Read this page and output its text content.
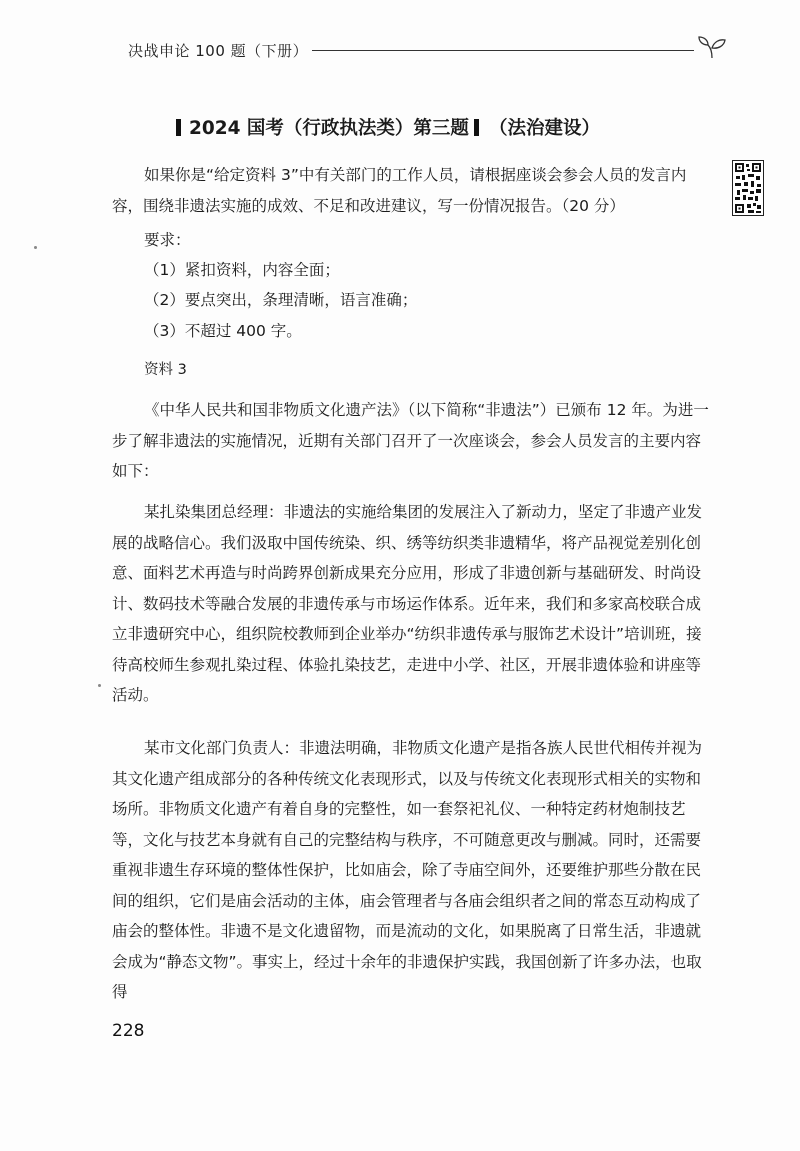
决战申论 100 题（下册）
2024 国考（行政执法类）第三题 （法治建设）
如果你是“给定资料 3”中有关部门的工作人员，请根据座谈会参会人员的发言内容，围绕非遗法实施的成效、不足和改进建议，写一份情况报告。（20 分）
要求：
（1）紧扣资料，内容全面；
（2）要点突出，条理清晰，语言准确；
（3）不超过 400 字。
资料 3
《中华人民共和国非物质文化遗产法》（以下简称“非遗法”）已颁布 12 年。为进一步了解非遗法的实施情况，近期有关部门召开了一次座谈会，参会人员发言的主要内容如下：
某扎染集团总经理：非遗法的实施给集团的发展注入了新动力，坚定了非遗产业发展的战略信心。我们汲取中国传统染、织、绣等纺织类非遗精华，将产品视觉差别化创意、面料艺术再造与时尚跨界创新成果充分应用，形成了非遗创新与基础研发、时尚设计、数码技术等融合发展的非遗传承与市场运作体系。近年来，我们和多家高校联合成立非遗研究中心，组织院校教师到企业举办“纺织非遗传承与服饰艺术设计”培训班，接待高校师生参观扎染过程、体验扎染技艺，走进中小学、社区，开展非遗体验和讲座等活动。
某市文化部门负责人：非遗法明确，非物质文化遗产是指各族人民世代相传并视为其文化遗产组成部分的各种传统文化表现形式，以及与传统文化表现形式相关的实物和场所。非物质文化遗产有着自身的完整性，如一套祭祀礼仪、一种特定药材炮制技艺等，文化与技艺本身就有自己的完整结构与秩序，不可随意更改与删减。同时，还需要重视非遗生存环境的整体性保护，比如庙会，除了寺庙空间外，还要维护那些分散在民间的组织，它们是庙会活动的主体，庙会管理者与各庙会组织者之间的常态互动构成了庙会的整体性。非遗不是文化遗留物，而是流动的文化，如果脱离了日常生活，非遗就会成为“静态文物”。事实上，经过十余年的非遗保护实践，我国创新了许多办法，也取得
228
